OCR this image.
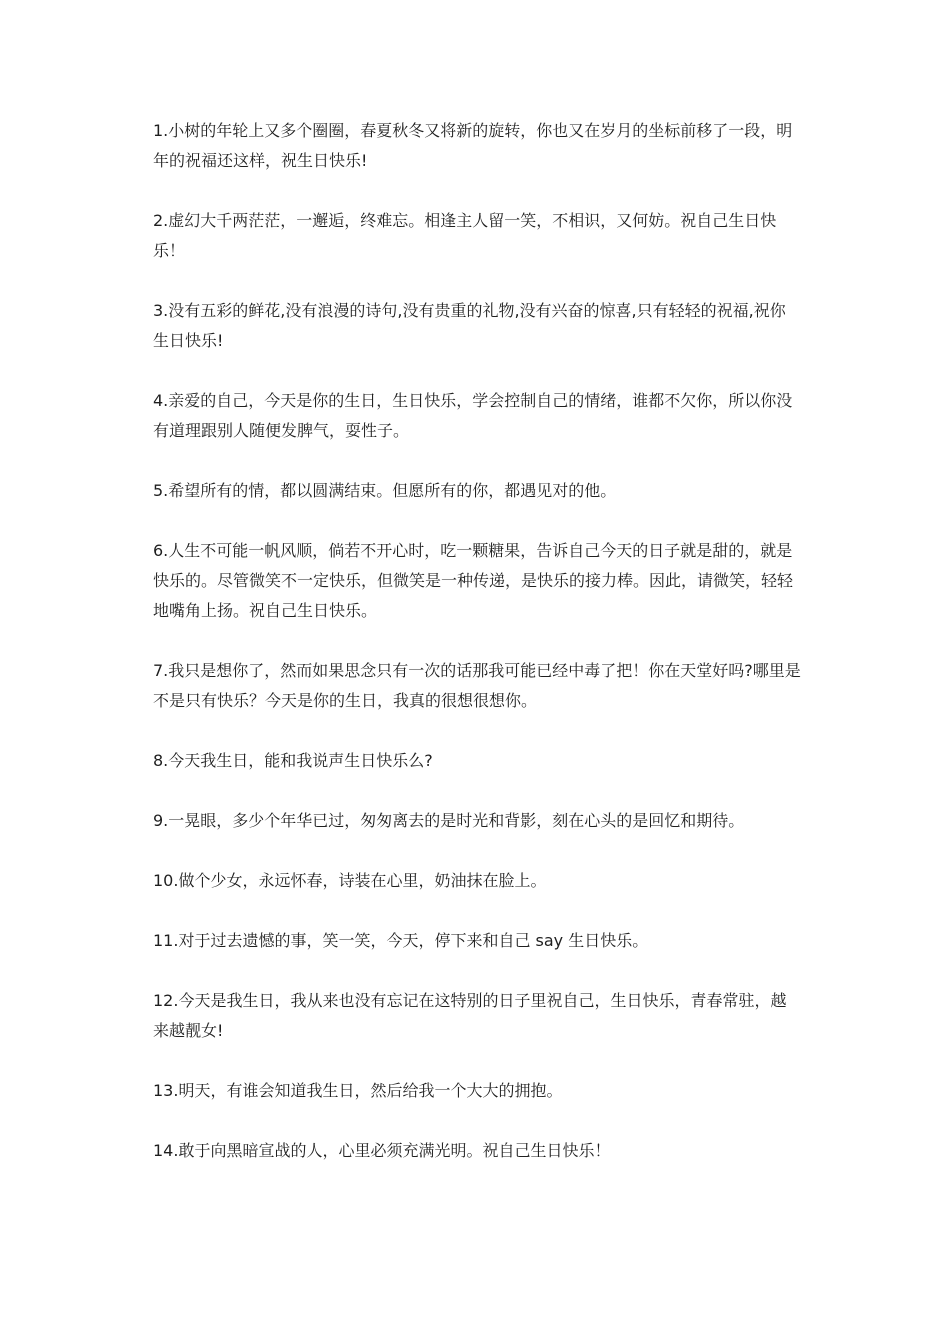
1.小树的年轮上又多个圈圈，春夏秋冬又将新的旋转，你也又在岁月的坐标前移了一段，明年的祝福还这样，祝生日快乐!

2.虚幻大千两茫茫，一邂逅，终难忘。相逢主人留一笑，不相识，又何妨。祝自己生日快乐！

3.没有五彩的鲜花,没有浪漫的诗句,没有贵重的礼物,没有兴奋的惊喜,只有轻轻的祝福,祝你生日快乐!

4.亲爱的自己，今天是你的生日，生日快乐，学会控制自己的情绪，谁都不欠你，所以你没有道理跟别人随便发脾气，耍性子。

5.希望所有的情，都以圆满结束。但愿所有的你，都遇见对的他。

6.人生不可能一帆风顺，倘若不开心时，吃一颗糖果，告诉自己今天的日子就是甜的，就是快乐的。尽管微笑不一定快乐，但微笑是一种传递，是快乐的接力棒。因此，请微笑，轻轻地嘴角上扬。祝自己生日快乐。

7.我只是想你了，然而如果思念只有一次的话那我可能已经中毒了把！你在天堂好吗?哪里是不是只有快乐？今天是你的生日，我真的很想很想你。

8.今天我生日，能和我说声生日快乐么?

9.一晃眼，多少个年华已过，匆匆离去的是时光和背影，刻在心头的是回忆和期待。

10.做个少女，永远怀春，诗装在心里，奶油抹在脸上。

11.对于过去遗憾的事，笑一笑，今天，停下来和自己 say 生日快乐。

12.今天是我生日，我从来也没有忘记在这特别的日子里祝自己，生日快乐，青春常驻，越来越靓女!

13.明天，有谁会知道我生日，然后给我一个大大的拥抱。

14.敢于向黑暗宣战的人，心里必须充满光明。祝自己生日快乐！
